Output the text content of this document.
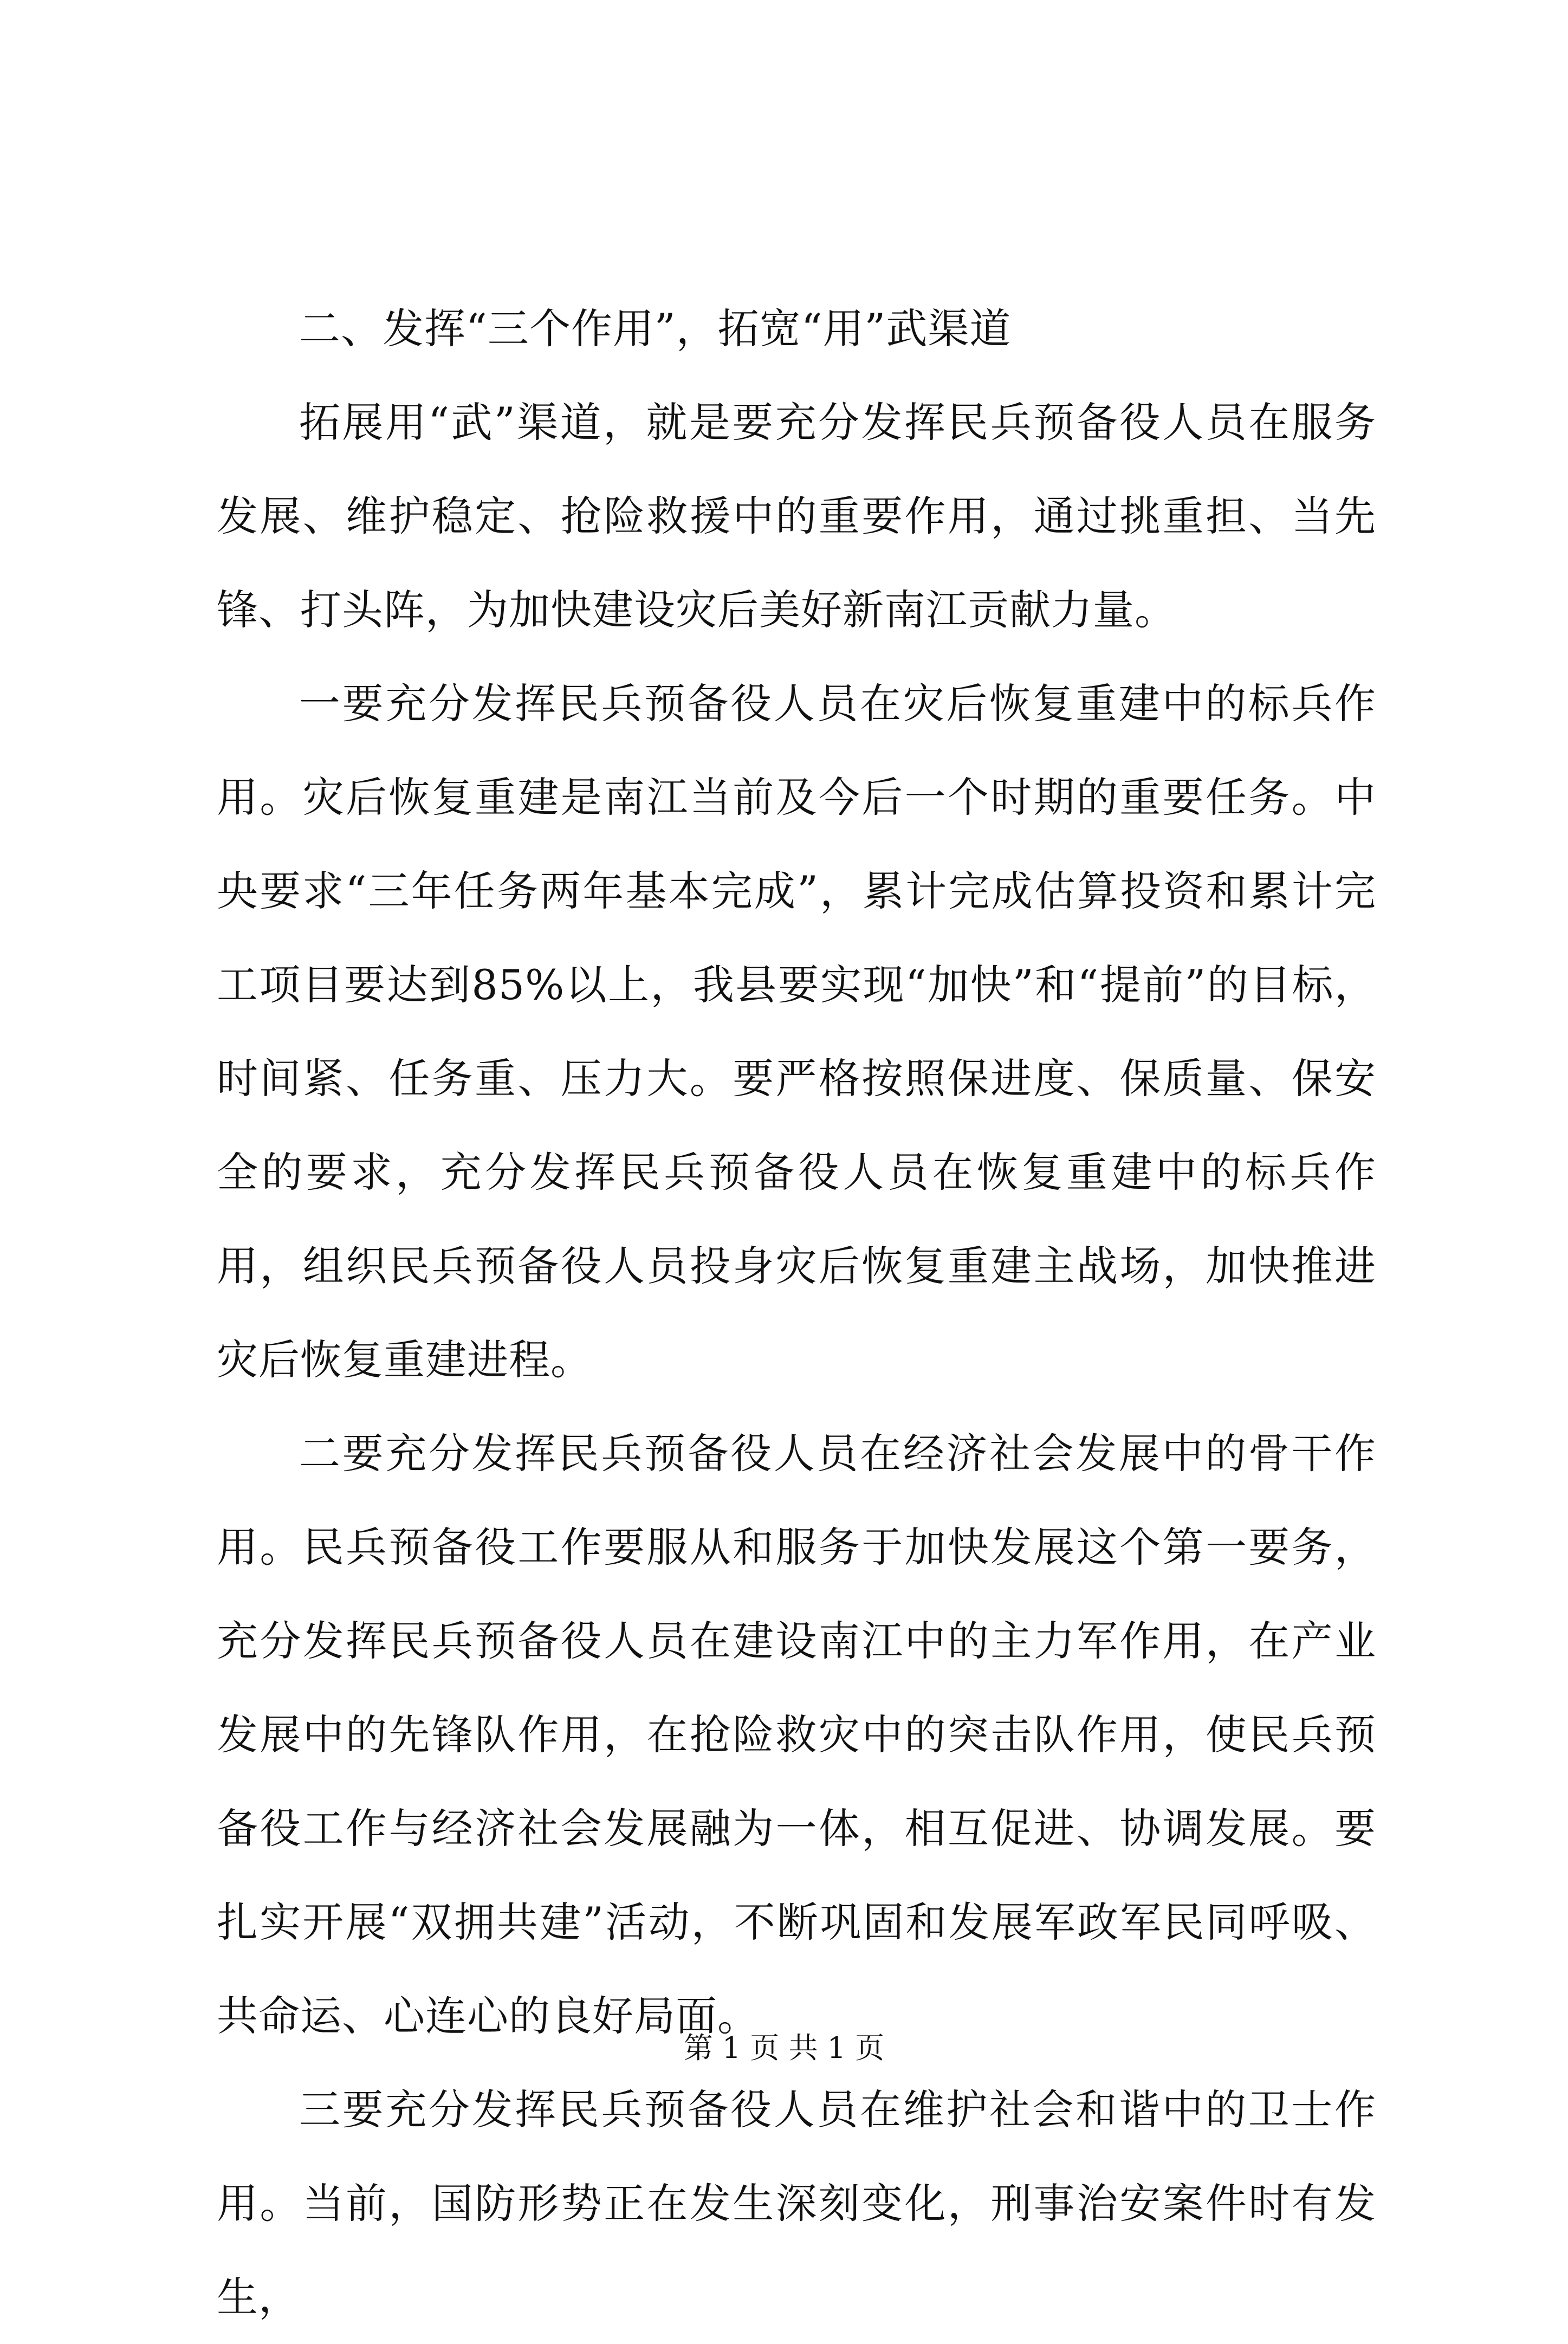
二、发挥“三个作用”，拓宽“用”武渠道

拓展用“武”渠道，就是要充分发挥民兵预备役人员在服务发展、维护稳定、抢险救援中的重要作用，通过挑重担、当先锋、打头阵，为加快建设灾后美好新南江贡献力量。

一要充分发挥民兵预备役人员在灾后恢复重建中的标兵作用。灾后恢复重建是南江当前及今后一个时期的重要任务。中央要求“三年任务两年基本完成”，累计完成估算投资和累计完工项目要达到85%以上，我县要实现“加快”和“提前”的目标，时间紧、任务重、压力大。要严格按照保进度、保质量、保安全的要求，充分发挥民兵预备役人员在恢复重建中的标兵作用，组织民兵预备役人员投身灾后恢复重建主战场，加快推进灾后恢复重建进程。

二要充分发挥民兵预备役人员在经济社会发展中的骨干作用。民兵预备役工作要服从和服务于加快发展这个第一要务，充分发挥民兵预备役人员在建设南江中的主力军作用，在产业发展中的先锋队作用，在抢险救灾中的突击队作用，使民兵预备役工作与经济社会发展融为一体，相互促进、协调发展。要扎实开展“双拥共建”活动，不断巩固和发展军政军民同呼吸、共命运、心连心的良好局面。

三要充分发挥民兵预备役人员在维护社会和谐中的卫士作用。当前，国防形势正在发生深刻变化，刑事治安案件时有发生，

第 1 页 共 1 页
